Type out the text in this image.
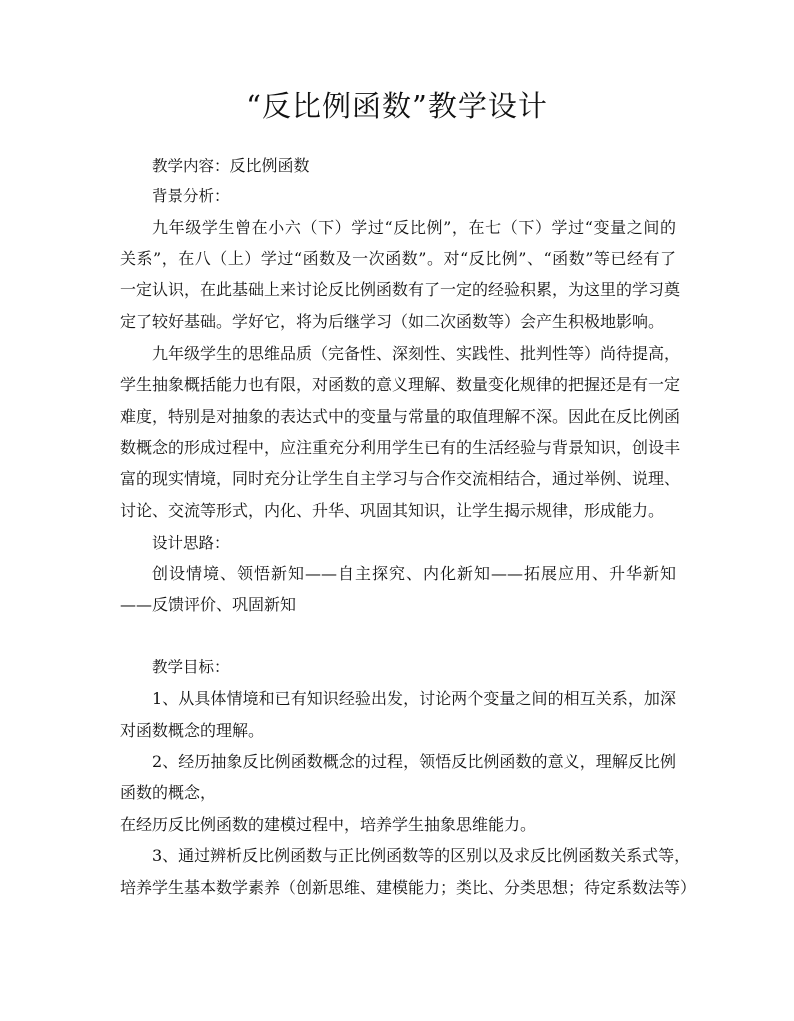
“反比例函数”教学设计
教学内容：反比例函数
背景分析：
九年级学生曾在小六（下）学过“反比例”，在七（下）学过“变量之间的
关系”，在八（上）学过“函数及一次函数”。对“反比例”、“函数”等已经有了
一定认识，在此基础上来讨论反比例函数有了一定的经验积累，为这里的学习奠
定了较好基础。学好它，将为后继学习（如二次函数等）会产生积极地影响。
九年级学生的思维品质（完备性、深刻性、实践性、批判性等）尚待提高，
学生抽象概括能力也有限，对函数的意义理解、数量变化规律的把握还是有一定
难度，特别是对抽象的表达式中的变量与常量的取值理解不深。因此在反比例函
数概念的形成过程中，应注重充分利用学生已有的生活经验与背景知识，创设丰
富的现实情境，同时充分让学生自主学习与合作交流相结合，通过举例、说理、
讨论、交流等形式，内化、升华、巩固其知识，让学生揭示规律，形成能力。
设计思路：
创设情境、领悟新知——自主探究、内化新知——拓展应用、升华新知
——反馈评价、巩固新知
教学目标：
1、从具体情境和已有知识经验出发，讨论两个变量之间的相互关系，加深
对函数概念的理解。
2、经历抽象反比例函数概念的过程，领悟反比例函数的意义，理解反比例
函数的概念，
在经历反比例函数的建模过程中，培养学生抽象思维能力。
3、通过辨析反比例函数与正比例函数等的区别以及求反比例函数关系式等，
培养学生基本数学素养（创新思维、建模能力；类比、分类思想；待定系数法等）
